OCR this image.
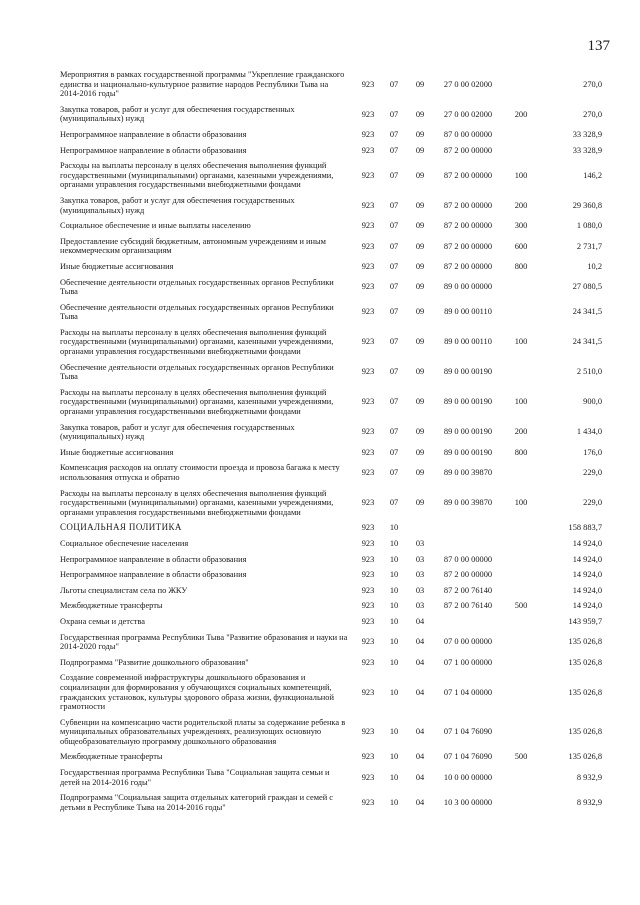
137
Мероприятия в рамках государственной программы "Укрепление гражданского единства и национально-культурное развитие народов Республики Тыва на 2014-2016 годы"	923	07	09	27 0 00 02000		270,0
Закупка товаров, работ и услуг для обеспечения государственных (муниципальных) нужд	923	07	09	27 0 00 02000	200	270,0
Непрограммное направление в области образования	923	07	09	87 0 00 00000		33 328,9
Непрограммное направление в области образования	923	07	09	87 2 00 00000		33 328,9
Расходы на выплаты персоналу в целях обеспечения выполнения функций государственными (муниципальными) органами, казенными учреждениями, органами управления государственными внебюджетными фондами	923	07	09	87 2 00 00000	100	146,2
Закупка товаров, работ и услуг для обеспечения государственных (муниципальных) нужд	923	07	09	87 2 00 00000	200	29 360,8
Социальное обеспечение и иные выплаты населению	923	07	09	87 2 00 00000	300	1 080,0
Предоставление субсидий бюджетным, автономным учреждениям и иным некоммерческим организациям	923	07	09	87 2 00 00000	600	2 731,7
Иные бюджетные ассигнования	923	07	09	87 2 00 00000	800	10,2
Обеспечение деятельности отдельных государственных органов Республики Тыва	923	07	09	89 0 00 00000		27 080,5
Обеспечение деятельности отдельных государственных органов Республики Тыва	923	07	09	89 0 00 00110		24 341,5
Расходы на выплаты персоналу в целях обеспечения выполнения функций государственными (муниципальными) органами, казенными учреждениями, органами управления государственными внебюджетными фондами	923	07	09	89 0 00 00110	100	24 341,5
Обеспечение деятельности отдельных государственных органов Республики Тыва	923	07	09	89 0 00 00190		2 510,0
Расходы на выплаты персоналу в целях обеспечения выполнения функций государственными (муниципальными) органами, казенными учреждениями, органами управления государственными внебюджетными фондами	923	07	09	89 0 00 00190	100	900,0
Закупка товаров, работ и услуг для обеспечения государственных (муниципальных) нужд	923	07	09	89 0 00 00190	200	1 434,0
Иные бюджетные ассигнования	923	07	09	89 0 00 00190	800	176,0
Компенсация расходов на оплату стоимости проезда и провоза багажа к месту использования отпуска и обратно	923	07	09	89 0 00 39870		229,0
Расходы на выплаты персоналу в целях обеспечения выполнения функций государственными (муниципальными) органами, казенными учреждениями, органами управления государственными внебюджетными фондами	923	07	09	89 0 00 39870	100	229,0
СОЦИАЛЬНАЯ ПОЛИТИКА	923	10				158 883,7
Социальное обеспечение населения	923	10	03			14 924,0
Непрограммное направление в области образования	923	10	03	87 0 00 00000		14 924,0
Непрограммное направление в области образования	923	10	03	87 2 00 00000		14 924,0
Льготы специалистам села по ЖКУ	923	10	03	87 2 00 76140		14 924,0
Межбюджетные трансферты	923	10	03	87 2 00 76140	500	14 924,0
Охрана семьи и детства	923	10	04			143 959,7
Государственная программа Республики Тыва "Развитие образования и науки на 2014-2020 годы"	923	10	04	07 0 00 00000		135 026,8
Подпрограмма "Развитие дошкольного образования"	923	10	04	07 1 00 00000		135 026,8
Создание современной инфраструктуры дошкольного образования и социализации для формирования у обучающихся социальных компетенций, гражданских установок, культуры здорового образа жизни, функциональной грамотности	923	10	04	07 1 04 00000		135 026,8
Субвенции на компенсацию части родительской платы за содержание ребенка в муниципальных образовательных учреждениях, реализующих основную общеобразовательную программу дошкольного образования	923	10	04	07 1 04 76090		135 026,8
Межбюджетные трансферты	923	10	04	07 1 04 76090	500	135 026,8
Государственная программа Республики Тыва "Социальная защита семьи и детей на 2014-2016 годы"	923	10	04	10 0 00 00000		8 932,9
Подпрограмма "Социальная защита отдельных категорий граждан и семей с детьми в Республике Тыва на 2014-2016 годы"	923	10	04	10 3 00 00000		8 932,9
